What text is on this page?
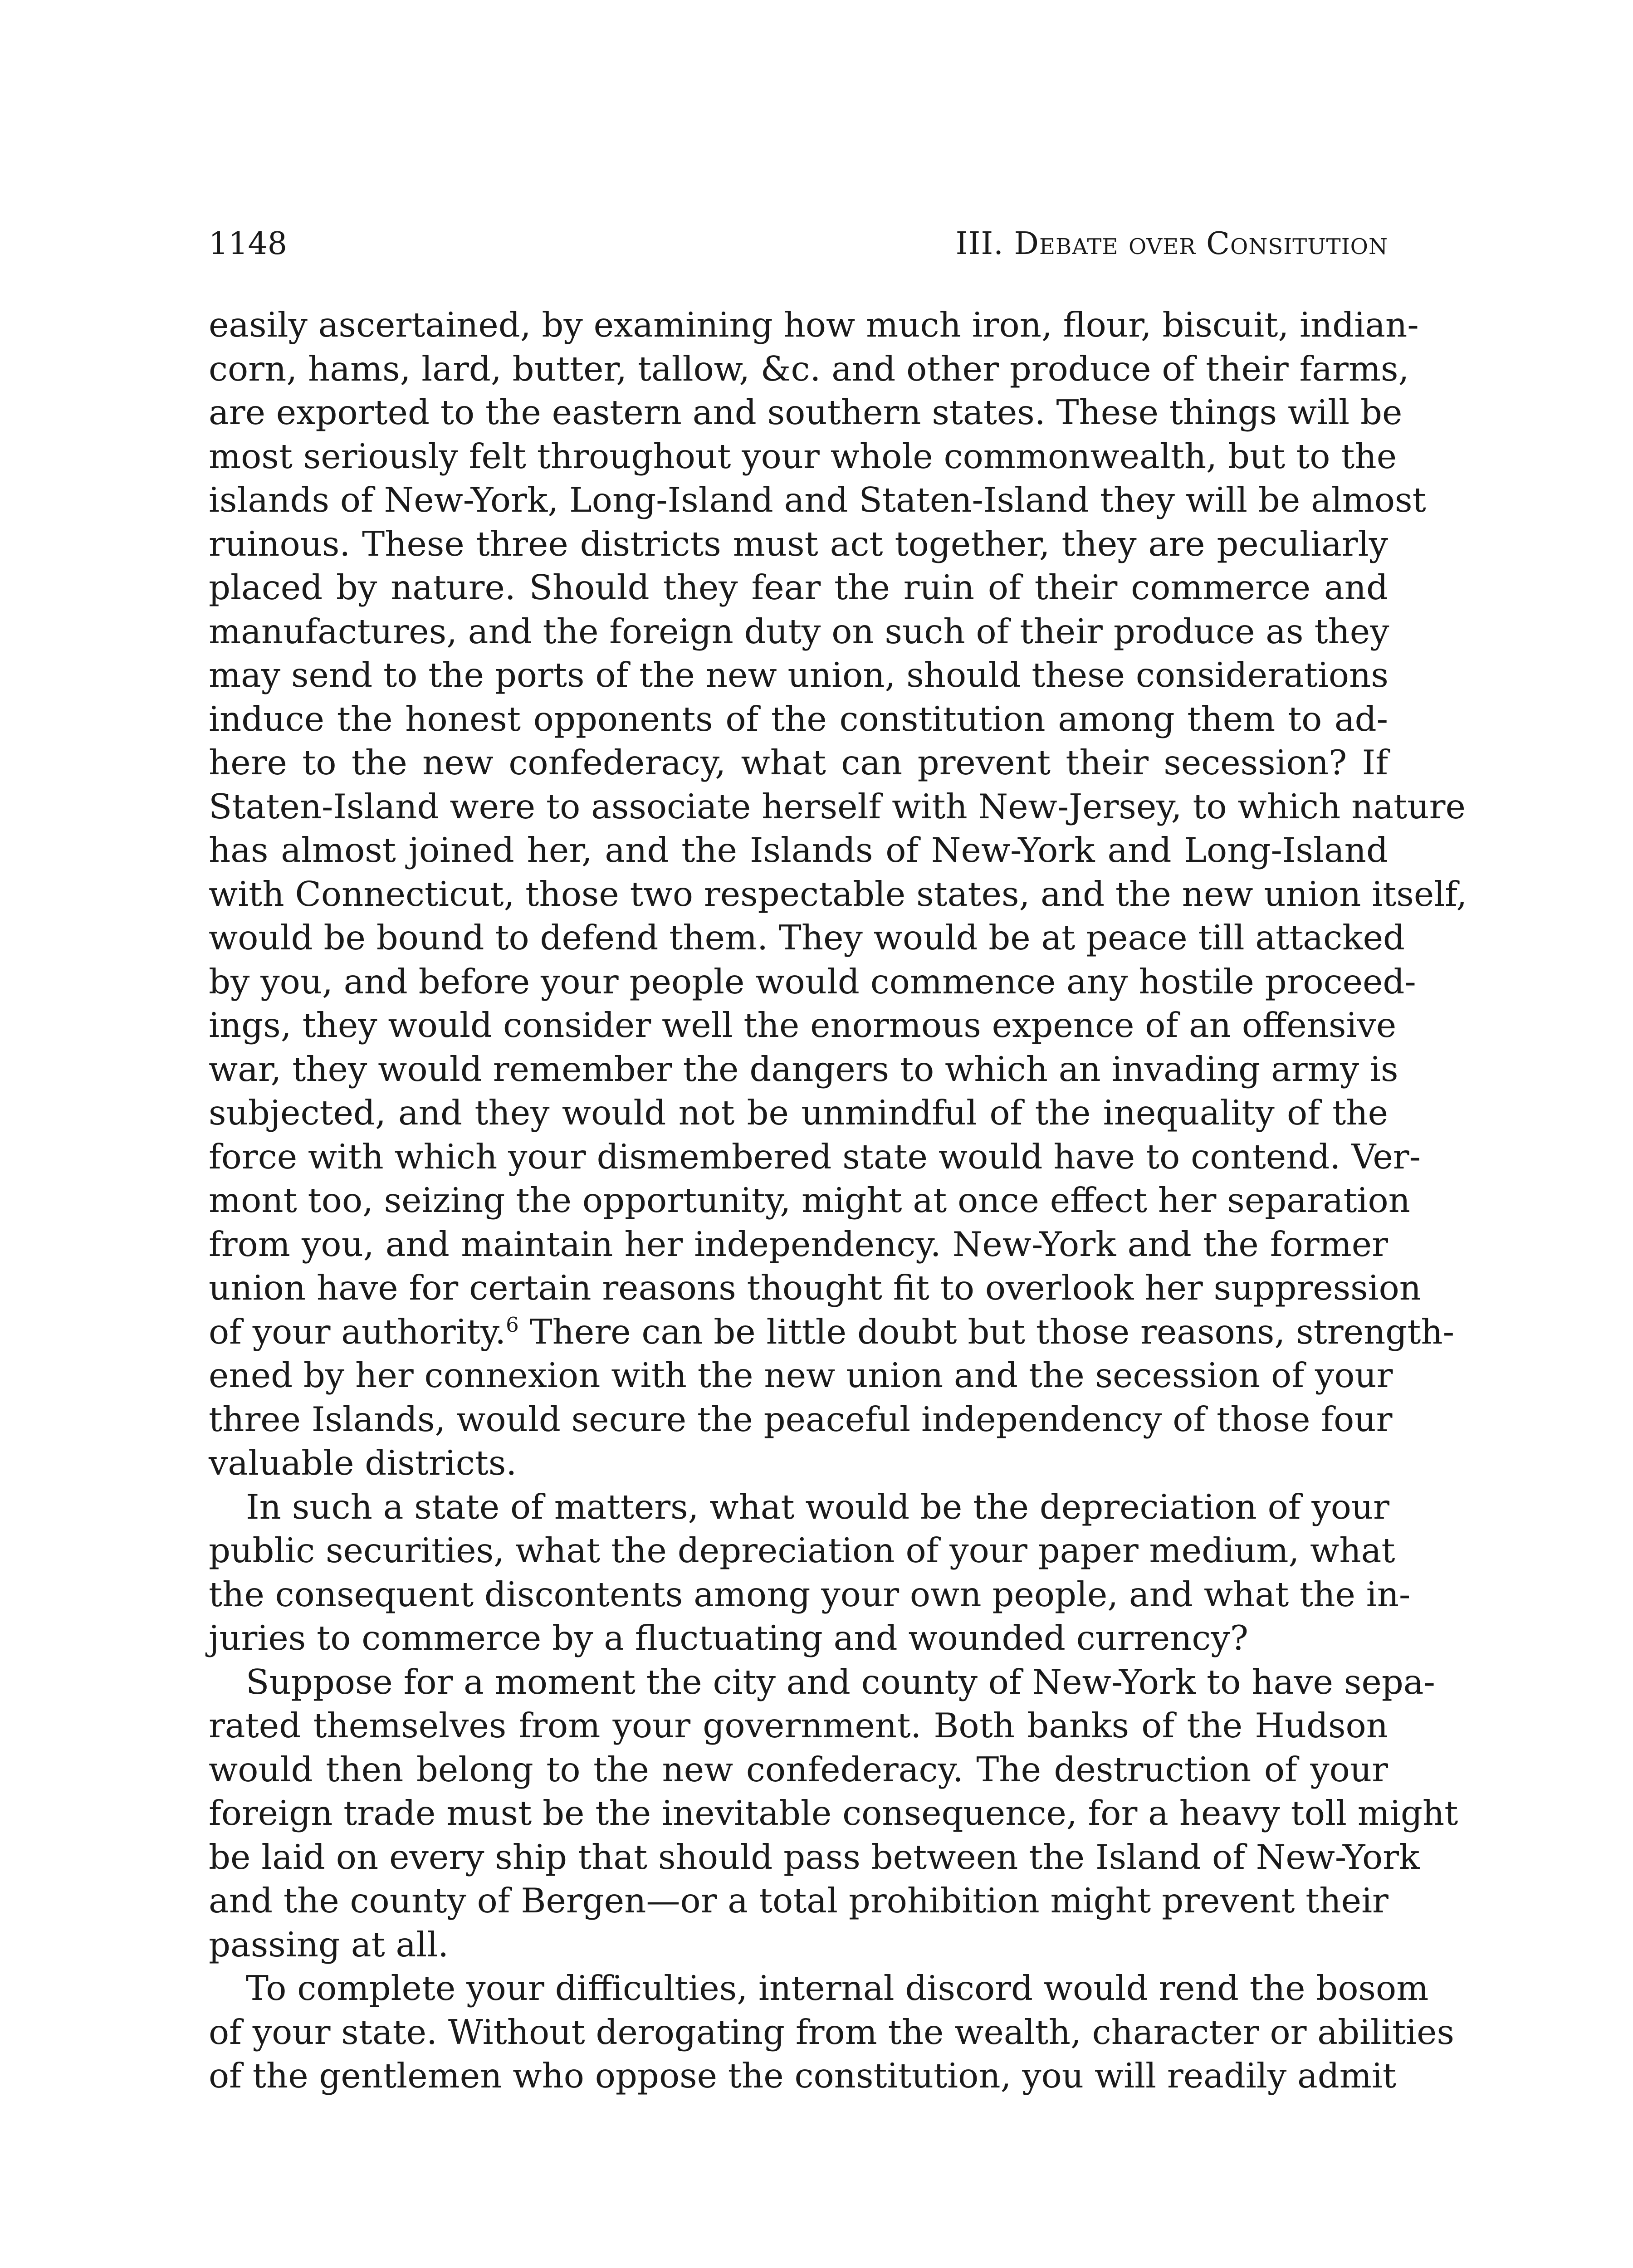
1148	III. Debate over Consitution

easily ascertained, by examining how much iron, flour, biscuit, indian-
corn, hams, lard, butter, tallow, &c. and other produce of their farms,
are exported to the eastern and southern states. These things will be
most seriously felt throughout your whole commonwealth, but to the
islands of New-York, Long-Island and Staten-Island they will be almost
ruinous. These three districts must act together, they are peculiarly
placed by nature. Should they fear the ruin of their commerce and
manufactures, and the foreign duty on such of their produce as they
may send to the ports of the new union, should these considerations
induce the honest opponents of the constitution among them to ad-
here to the new confederacy, what can prevent their secession? If
Staten-Island were to associate herself with New-Jersey, to which nature
has almost joined her, and the Islands of New-York and Long-Island
with Connecticut, those two respectable states, and the new union itself,
would be bound to defend them. They would be at peace till attacked
by you, and before your people would commence any hostile proceed-
ings, they would consider well the enormous expence of an offensive
war, they would remember the dangers to which an invading army is
subjected, and they would not be unmindful of the inequality of the
force with which your dismembered state would have to contend. Ver-
mont too, seizing the opportunity, might at once effect her separation
from you, and maintain her independency. New-York and the former
union have for certain reasons thought fit to overlook her suppression
of your authority.$^6$ There can be little doubt but those reasons, strength-
ened by her connexion with the new union and the secession of your
three Islands, would secure the peaceful independency of those four
valuable districts.

In such a state of matters, what would be the depreciation of your
public securities, what the depreciation of your paper medium, what
the consequent discontents among your own people, and what the in-
juries to commerce by a fluctuating and wounded currency?

Suppose for a moment the city and county of New-York to have sepa-
rated themselves from your government. Both banks of the Hudson
would then belong to the new confederacy. The destruction of your
foreign trade must be the inevitable consequence, for a heavy toll might
be laid on every ship that should pass between the Island of New-York
and the county of Bergen—or a total prohibition might prevent their
passing at all.

To complete your difficulties, internal discord would rend the bosom
of your state. Without derogating from the wealth, character or abilities
of the gentlemen who oppose the constitution, you will readily admit
